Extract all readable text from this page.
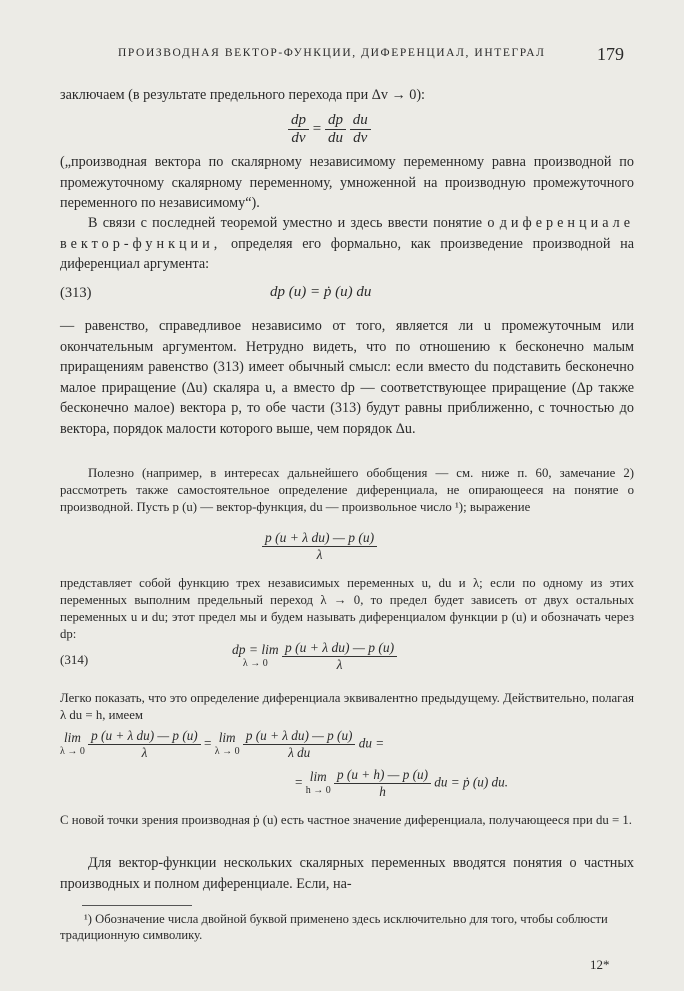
ПРОИЗВОДНАЯ ВЕКТОР-ФУНКЦИИ, ДИФЕРЕНЦИАЛ, ИНТЕГРАЛ	179
заключаем (в результате предельного перехода при Δv → 0):
$\frac{dp}{dv} = \frac{dp}{du}$
$\frac{du}{dv}$
(„производная вектора по скалярному независимому переменному равна производной по промежуточному скалярному переменному, умноженной на производную промежуточного переменного по независимому“).
В связи с последней теоремой уместно и здесь ввести понятие о диференциале вектор-функции, определяя его формально, как произведение производной на диференциал аргумента:
(313)	dp (u) = ṗ (u) du
— равенство, справедливое независимо от того, является ли u промежуточным или окончательным аргументом. Нетрудно видеть, что по отношению к бесконечно малым приращениям равенство (313) имеет обычный смысл: если вместо du подставить бесконечно малое приращение (Δu) скаляра u, а вместо dp — соответствующее приращение (Δp также бесконечно малое) вектора p, то обе части (313) будут равны приближенно, с точностью до вектора, порядок малости которого выше, чем порядок Δu.
Полезно (например, в интересах дальнейшего обобщения — см. ниже п. 60, замечание 2) рассмотреть также самостоятельное определение диференциала, не опирающееся на понятие о производной. Пусть p (u) — вектор-функция, du — произвольное число ¹); выражение
$\frac{\text{p (u + λ du) — p (u)}}{\lambda}$
представляет собой функцию трех независимых переменных u, du и λ; если по одному из этих переменных выполним предельный переход λ → 0, то предел будет зависеть от двух остальных переменных u и du; этот предел мы и будем называть диференциалом функции p (u) и обозначать через dp:
(314)
dp = lim
λ → 0
	$\frac{\text{p (u + λ du) — p (u)}}{\lambda}$
Легко показать, что это определение диференциала эквивалентно предыдущему. Действительно, полагая λ du = h, имеем
lim
λ → 0
$\frac{\text{p (u + λ du) — p (u)}}{\lambda} = \lim$
λ → 0
$\frac{\text{p (u + λ du) — p (u)}}{\text{λ du}}$ du =
= lim
h → 0
$\frac{p (u + h) — p (u)}{h}$ du = ṗ (u) du.
С новой точки зрения производная ṗ (u) есть частное значение диференциала, получающееся при du = 1.
Для вектор-функции нескольких скалярных переменных вводятся понятия о частных производных и полном диференциале. Если, на-
¹) Обозначение числа двойной буквой применено здесь исключительно для того, чтобы соблюсти традиционную символику.
12*
